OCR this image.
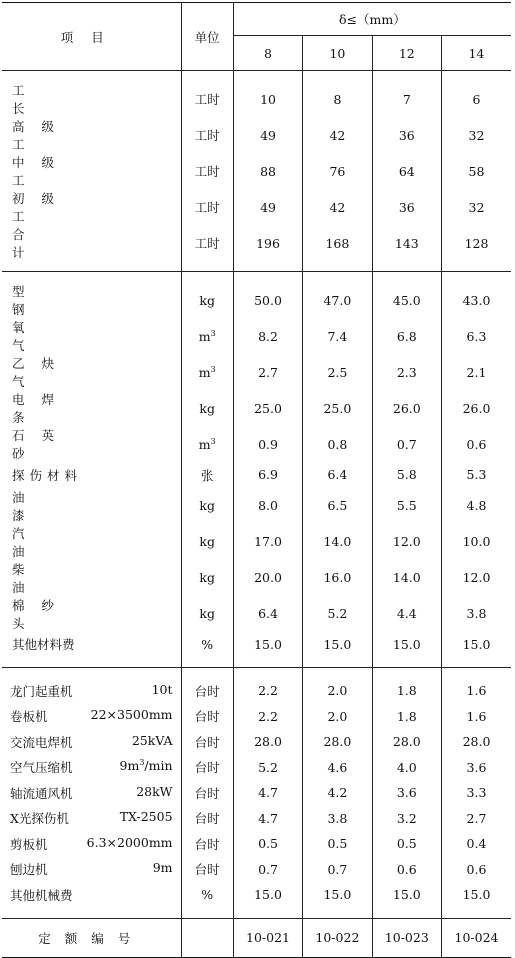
项目	单位	δ≤（mm）			
		8	10	12	14

工长	工时	10	8	7	6

高级工	工时	49	42	36	32

中级工	工时	88	76	64	58

初级工	工时	49	42	36	32

合计	工时	196	168	143	128

型钢	kg	50.0	47.0	45.0	43.0

氧气	$m^3$	8.2	7.4	6.8	6.3

乙炔气	$m^3$	2.7	2.5	2.3	2.1

电焊条	kg	25.0	25.0	26.0	26.0

石英砂	$m^3$	0.9	0.8	0.7	0.6
探伤材料	张	6.9	6.4	5.8	5.3

油漆	kg	8.0	6.5	5.5	4.8

汽油	kg	17.0	14.0	12.0	10.0

柴油	kg	20.0	16.0	14.0	12.0

棉纱头	kg	6.4	5.2	4.4	3.8
其他材料费	%	15.0	15.0	15.0	15.0

龙门起重机 10t	台时	2.2	2.0	1.8	1.6

卷板机 22×3500mm	台时	2.2	2.0	1.8	1.6

交流电焊机 25kVA	台时	28.0	28.0	28.0	28.0

空气压缩机 $9m^3/\min$	台时	5.2	4.6	4.0	3.6

轴流通风机 28kW	台时	4.7	4.2	3.6	3.3

X光探伤机 TX-2505	台时	4.7	3.8	3.2	2.7

剪板机 6.3×2000mm	台时	0.5	0.5	0.5	0.4

刨边机 9m	台时	0.7	0.7	0.6	0.6

其他机械费	%	15.0	15.0	15.0	15.0

定额编号		10-021	10-022	10-023	10-024
